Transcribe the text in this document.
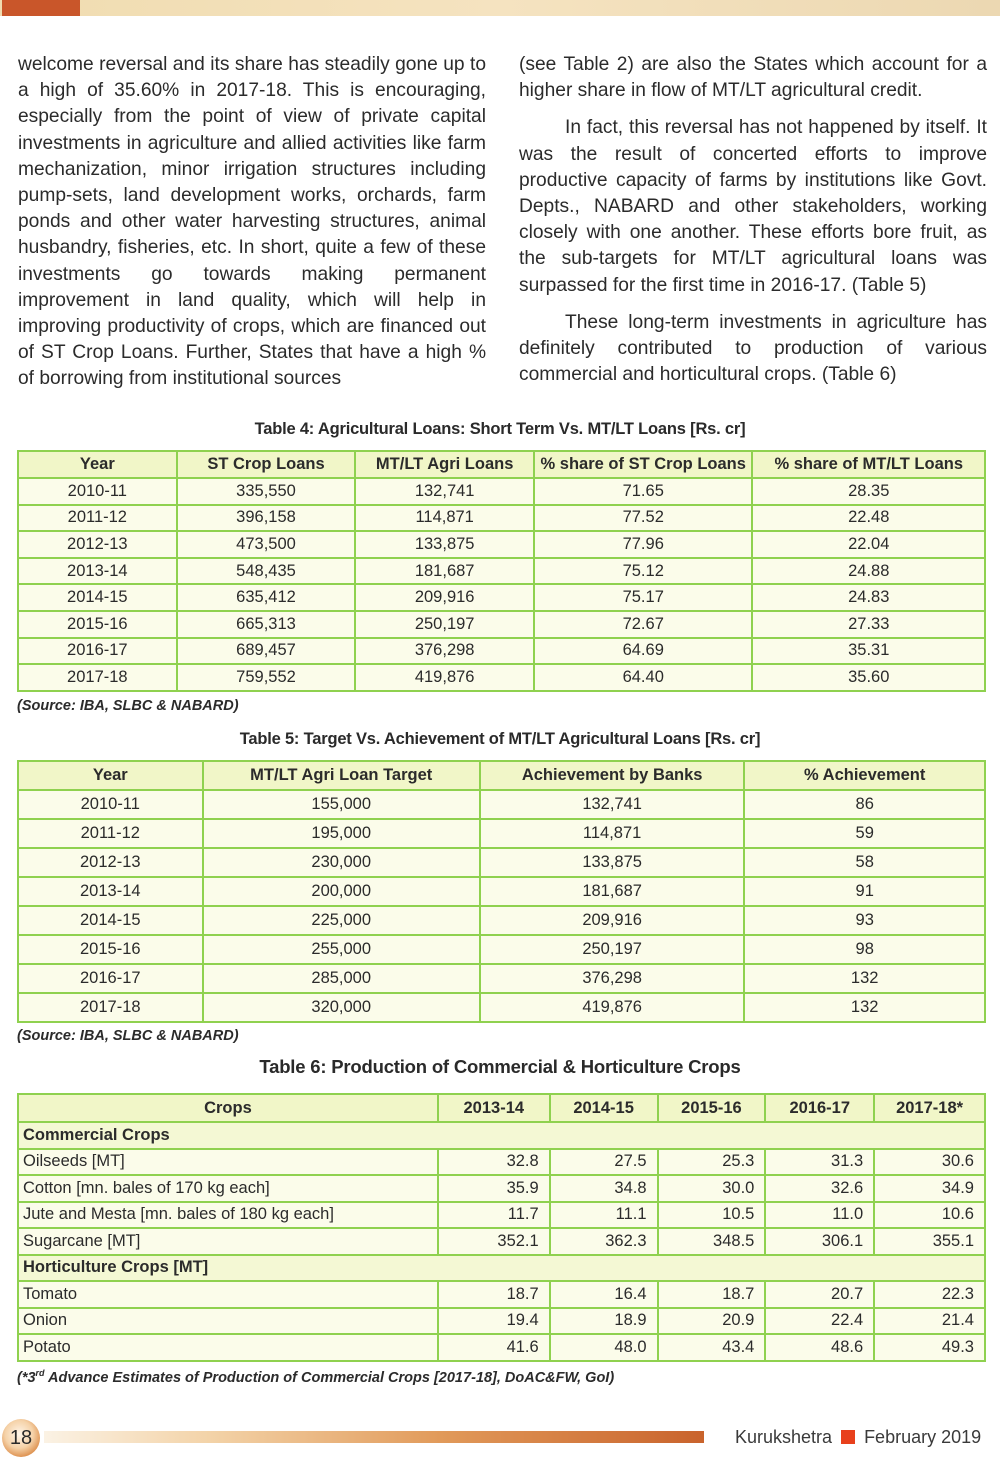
welcome reversal and its share has steadily gone up to a high of 35.60% in 2017-18. This is encouraging, especially from the point of view of private capital investments in agriculture and allied activities like farm mechanization, minor irrigation structures including pump-sets, land development works, orchards, farm ponds and other water harvesting structures, animal husbandry, fisheries, etc. In short, quite a few of these investments go towards making permanent improvement in land quality, which will help in improving productivity of crops, which are financed out of ST Crop Loans. Further, States that have a high % of borrowing from institutional sources

(see Table 2) are also the States which account for a higher share in flow of MT/LT agricultural credit.

In fact, this reversal has not happened by itself. It was the result of concerted efforts to improve productive capacity of farms by institutions like Govt. Depts., NABARD and other stakeholders, working closely with one another. These efforts bore fruit, as the sub-targets for MT/LT agricultural loans was surpassed for the first time in 2016-17. (Table 5)

These long-term investments in agriculture has definitely contributed to production of various commercial and horticultural crops. (Table 6)

Table 4: Agricultural Loans: Short Term Vs. MT/LT Loans [Rs. cr]
Year	ST Crop Loans	MT/LT Agri Loans	% share of ST Crop Loans	% share of MT/LT Loans
2010-11	335,550	132,741	71.65	28.35
2011-12	396,158	114,871	77.52	22.48
2012-13	473,500	133,875	77.96	22.04
2013-14	548,435	181,687	75.12	24.88
2014-15	635,412	209,916	75.17	24.83
2015-16	665,313	250,197	72.67	27.33
2016-17	689,457	376,298	64.69	35.31
2017-18	759,552	419,876	64.40	35.60
(Source: IBA, SLBC & NABARD)
Table 5: Target Vs. Achievement of MT/LT Agricultural Loans [Rs. cr]
Year	MT/LT Agri Loan Target	Achievement by Banks	% Achievement
2010-11	155,000	132,741	86
2011-12	195,000	114,871	59
2012-13	230,000	133,875	58
2013-14	200,000	181,687	91
2014-15	225,000	209,916	93
2015-16	255,000	250,197	98
2016-17	285,000	376,298	132
2017-18	320,000	419,876	132
(Source: IBA, SLBC & NABARD)
Table 6: Production of Commercial & Horticulture Crops
Crops	2013-14	2014-15	2015-16	2016-17	2017-18*
Commercial Crops					
Oilseeds [MT]	32.8	27.5	25.3	31.3	30.6
Cotton [mn. bales of 170 kg each]	35.9	34.8	30.0	32.6	34.9
Jute and Mesta [mn. bales of 180 kg each]	11.7	11.1	10.5	11.0	10.6
Sugarcane [MT]	352.1	362.3	348.5	306.1	355.1
Horticulture Crops [MT]					
Tomato	18.7	16.4	18.7	20.7	22.3
Onion	19.4	18.9	20.9	22.4	21.4
Potato	41.6	48.0	43.4	48.6	49.3
(*3rd Advance Estimates of Production of Commercial Crops [2017-18], DoAC&FW, GoI)
18	Kurukshetra February 2019
